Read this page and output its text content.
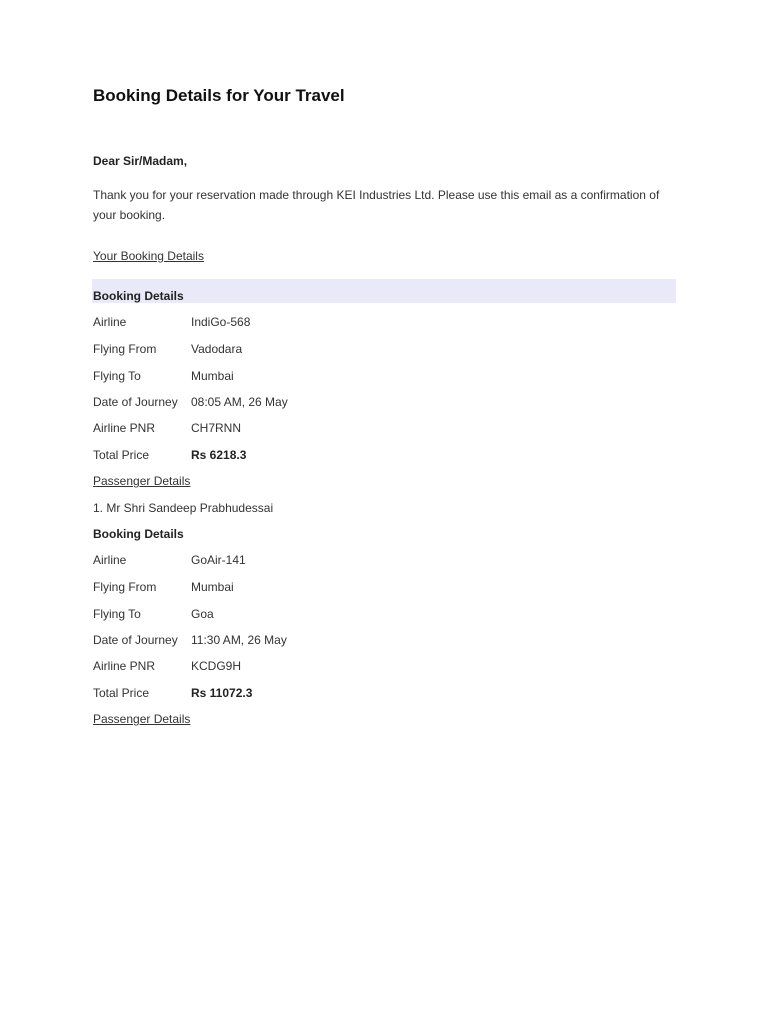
Booking Details for Your Travel
Dear Sir/Madam,
Thank you for your reservation made through KEI Industries Ltd. Please use this email as a confirmation of your booking.
Your Booking Details
Booking Details
Airline	IndiGo-568
Flying From	Vadodara
Flying To	Mumbai
Date of Journey 08:05 AM, 26 May
Airline PNR	CH7RNN
Total Price	Rs 6218.3
Passenger Details
1. Mr Shri Sandeep Prabhudessai
Booking Details
Airline	GoAir-141
Flying From	Mumbai
Flying To	Goa
Date of Journey 11:30 AM, 26 May
Airline PNR	KCDG9H
Total Price	Rs 11072.3
Passenger Details
